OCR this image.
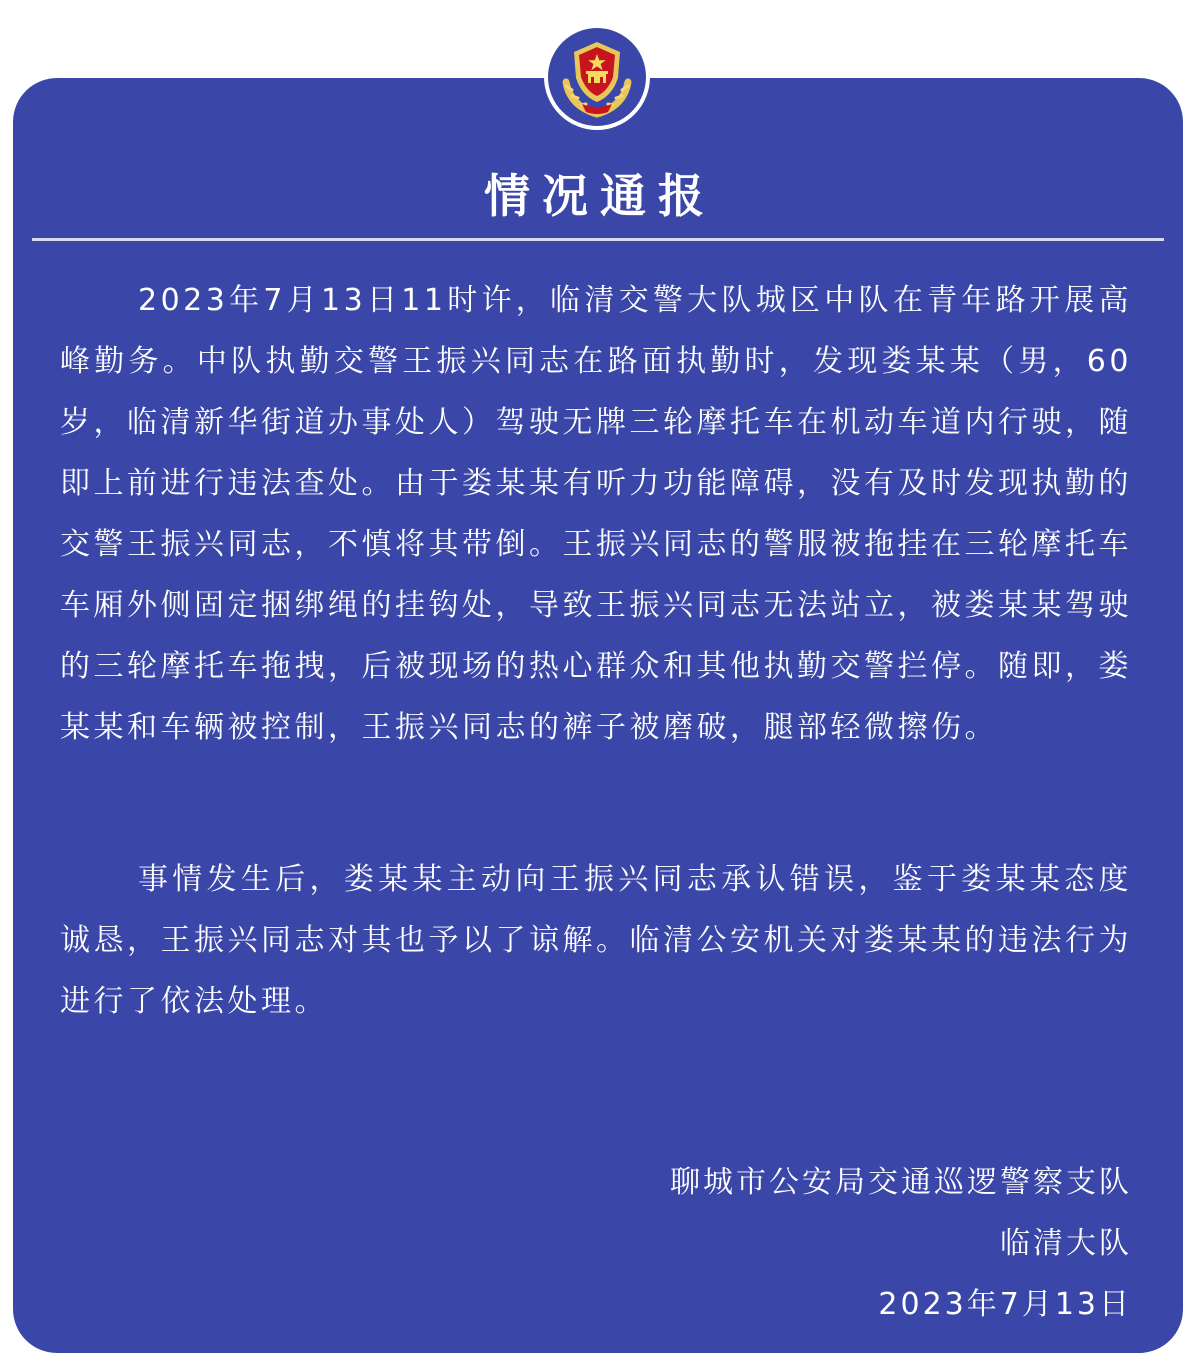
情况通报
2023年7月13日11时许，临清交警大队城区中队在青年路开展高峰勤务。中队执勤交警王振兴同志在路面执勤时，发现娄某某（男，60岁，临清新华街道办事处人）驾驶无牌三轮摩托车在机动车道内行驶，随即上前进行违法查处。由于娄某某有听力功能障碍，没有及时发现执勤的交警王振兴同志，不慎将其带倒。王振兴同志的警服被拖挂在三轮摩托车车厢外侧固定捆绑绳的挂钩处，导致王振兴同志无法站立，被娄某某驾驶的三轮摩托车拖拽，后被现场的热心群众和其他执勤交警拦停。随即，娄某某和车辆被控制，王振兴同志的裤子被磨破，腿部轻微擦伤。
事情发生后，娄某某主动向王振兴同志承认错误，鉴于娄某某态度诚恳，王振兴同志对其也予以了谅解。临清公安机关对娄某某的违法行为进行了依法处理。
聊城市公安局交通巡逻警察支队
临清大队
2023年7月13日
